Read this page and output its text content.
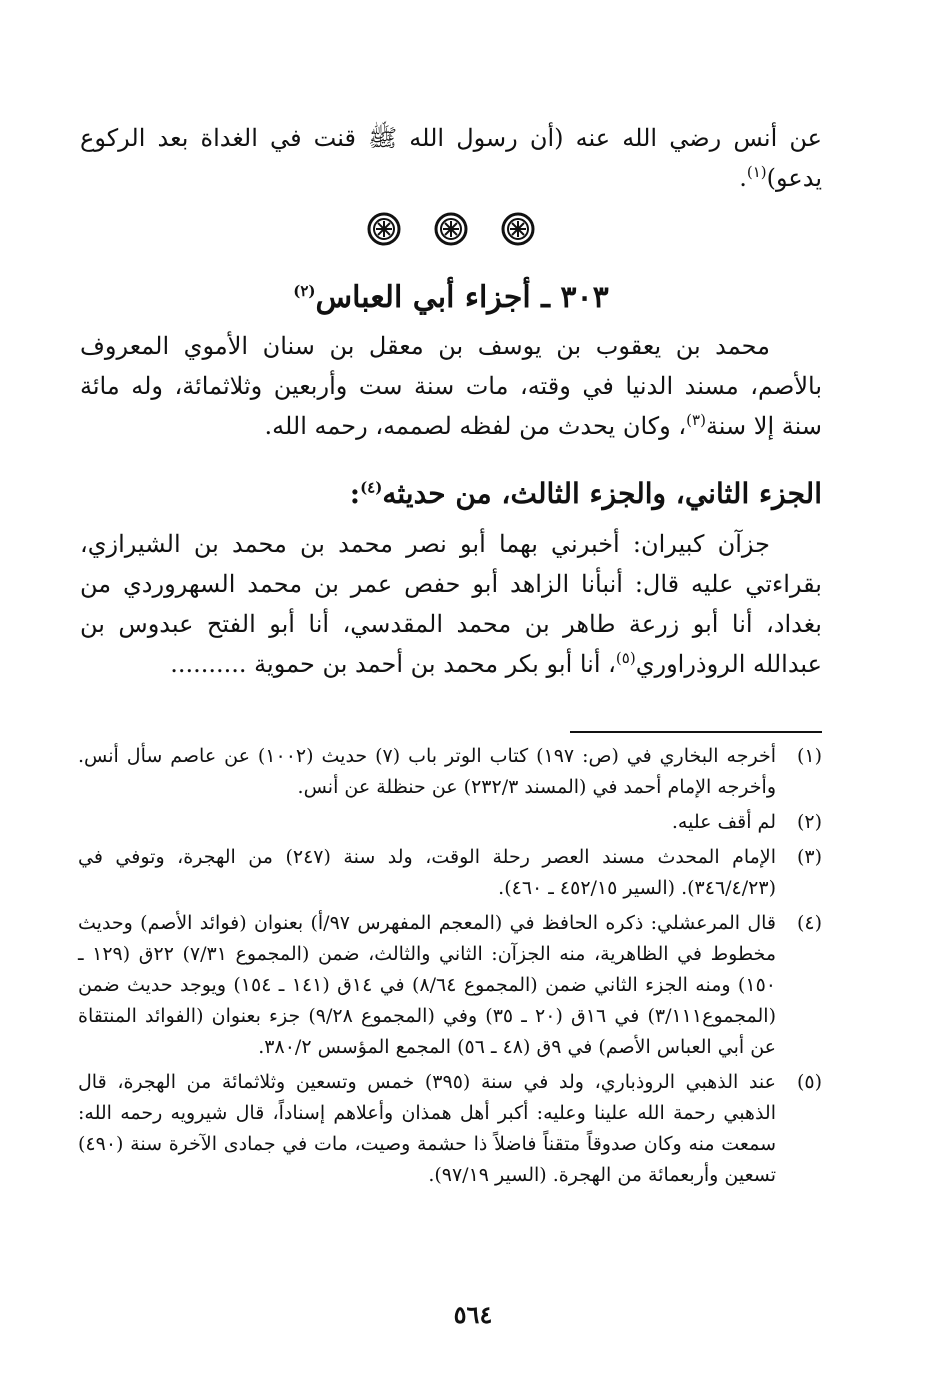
عن أنس رضي الله عنه (أن رسول الله ﷺ قنت في الغداة بعد الركوع يدعو)$^{(١)}$.

٣٠٣ ـ أجزاء أبي العباس$^{(٢)}$

محمد بن يعقوب بن يوسف بن معقل بن سنان الأموي المعروف بالأصم، مسند الدنيا في وقته، مات سنة ست وأربعين وثلاثمائة، وله مائة سنة إلا سنة$^{(٣)}$، وكان يحدث من لفظه لصممه، رحمه الله.

الجزء الثاني، والجزء الثالث، من حديثه$^{(٤)}$:

جزآن كبيران: أخبرني بهما أبو نصر محمد بن محمد بن الشيرازي، بقراءتي عليه قال: أنبأنا الزاهد أبو حفص عمر بن محمد السهروردي من بغداد، أنا أبو زرعة طاهر بن محمد المقدسي، أنا أبو الفتح عبدوس بن عبدالله الروذراوري$^{(٥)}$، أنا أبو بكر محمد بن أحمد بن حموية ..........

(١)
أخرجه البخاري في (ص: ١٩٧) كتاب الوتر باب (٧) حديث (١٠٠٢) عن عاصم سأل أنس. وأخرجه الإمام أحمد في (المسند ٢٣٢/٣) عن حنظلة عن أنس.

(٢)
لم أقف عليه.

(٣)
الإمام المحدث مسند العصر رحلة الوقت، ولد سنة (٢٤٧) من الهجرة، وتوفي في (٣٤٦/٤/٢٣). (السير ٤٥٢/١٥ ـ ٤٦٠).

(٤)
قال المرعشلي: ذكره الحافظ في (المعجم المفهرس ٩٧/أ) بعنوان (فوائد الأصم) وحديث مخطوط في الظاهرية، منه الجزآن: الثاني والثالث، ضمن (المجموع ٧/٣١) ٢٢ق (١٢٩ ـ ١٥٠) ومنه الجزء الثاني ضمن (المجموع ٨/٦٤) في ١٤ق (١٤١ ـ ١٥٤) ويوجد حديث ضمن (المجموع٣/١١١) في ١٦ق (٢٠ ـ ٣٥) وفي (المجموع ٩/٢٨) جزء بعنوان (الفوائد المنتقاة عن أبي العباس الأصم) في ٩ق (٤٨ ـ ٥٦) المجمع المؤسس ٣٨٠/٢.

(٥)
عند الذهبي الروذباري، ولد في سنة (٣٩٥) خمس وتسعين وثلاثمائة من الهجرة، قال الذهبي رحمة الله علينا وعليه: أكبر أهل همذان وأعلاهم إسناداً، قال شيرويه رحمه الله: سمعت منه وكان صدوقاً متقناً فاضلاً ذا حشمة وصيت، مات في جمادى الآخرة سنة (٤٩٠) تسعين وأربعمائة من الهجرة. (السير ٩٧/١٩).

٥٦٤
